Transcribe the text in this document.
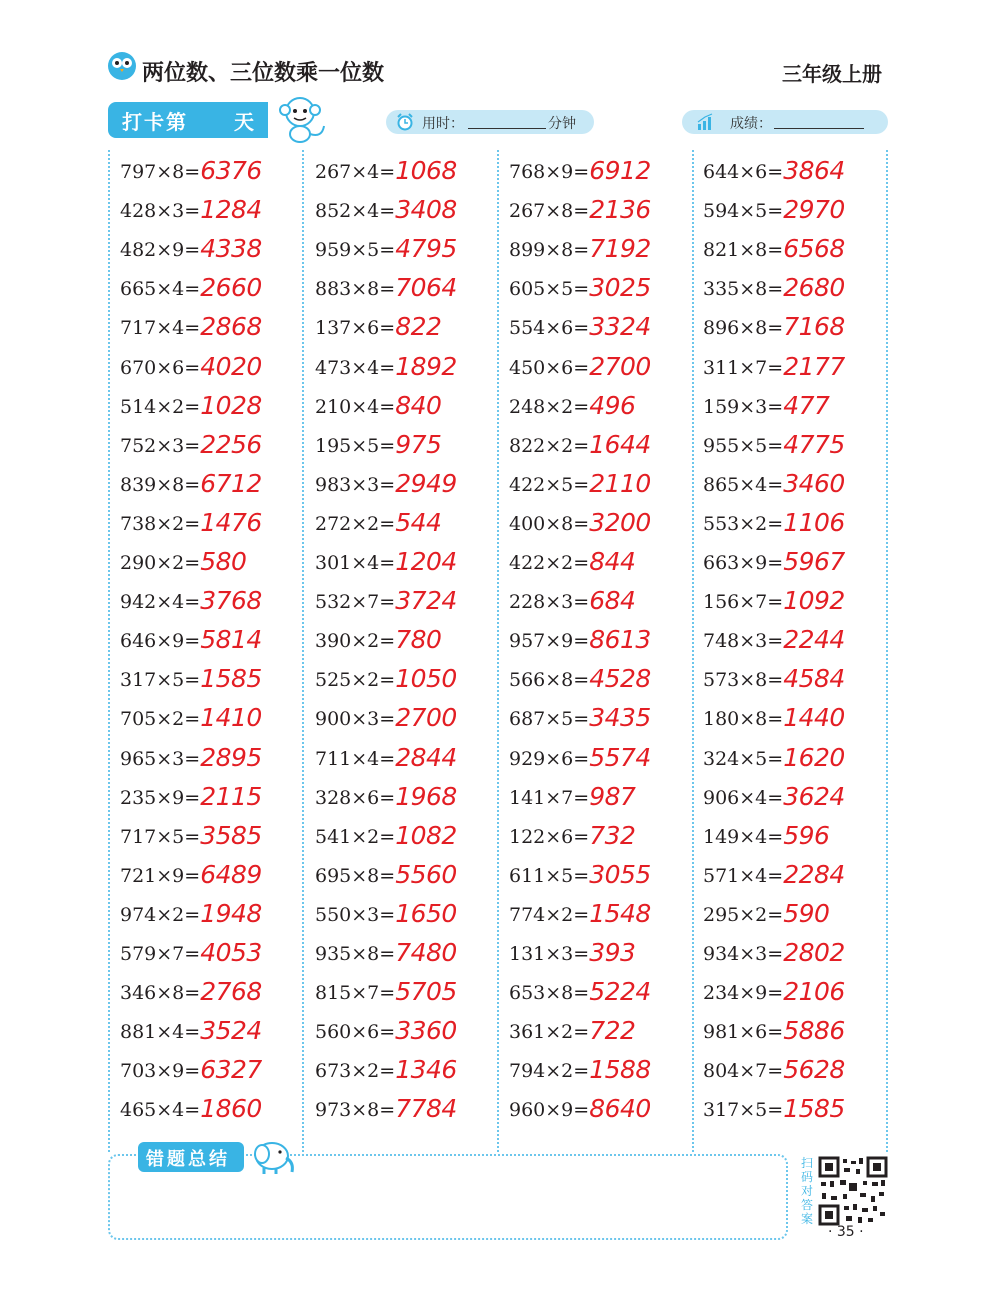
两位数、三位数乘一位数	三年级上册
打卡第 天	用时：	分钟	成绩：
797×8=6376
428×3=1284
482×9=4338
665×4=2660
717×4=2868
670×6=4020
514×2=1028
752×3=2256
839×8=6712
738×2=1476
290×2=580
942×4=3768
646×9=5814
317×5=1585
705×2=1410
965×3=2895
235×9=2115
717×5=3585
721×9=6489
974×2=1948
579×7=4053
346×8=2768
881×4=3524
703×9=6327
465×4=1860
267×4=1068
852×4=3408
959×5=4795
883×8=7064
137×6=822
473×4=1892
210×4=840
195×5=975
983×3=2949
272×2=544
301×4=1204
532×7=3724
390×2=780
525×2=1050
900×3=2700
711×4=2844
328×6=1968
541×2=1082
695×8=5560
550×3=1650
935×8=7480
815×7=5705
560×6=3360
673×2=1346
973×8=7784
768×9=6912
267×8=2136
899×8=7192
605×5=3025
554×6=3324
450×6=2700
248×2=496
822×2=1644
422×5=2110
400×8=3200
422×2=844
228×3=684
957×9=8613
566×8=4528
687×5=3435
929×6=5574
141×7=987
122×6=732
611×5=3055
774×2=1548
131×3=393
653×8=5224
361×2=722
794×2=1588
960×9=8640
644×6=3864
594×5=2970
821×8=6568
335×8=2680
896×8=7168
311×7=2177
159×3=477
955×5=4775
865×4=3460
553×2=1106
663×9=5967
156×7=1092
748×3=2244
573×8=4584
180×8=1440
324×5=1620
906×4=3624
149×4=596
571×4=2284
295×2=590
934×3=2802
234×9=2106
981×6=5886
804×7=5628
317×5=1585
错题总结	扫码对答案
· 35 ·
